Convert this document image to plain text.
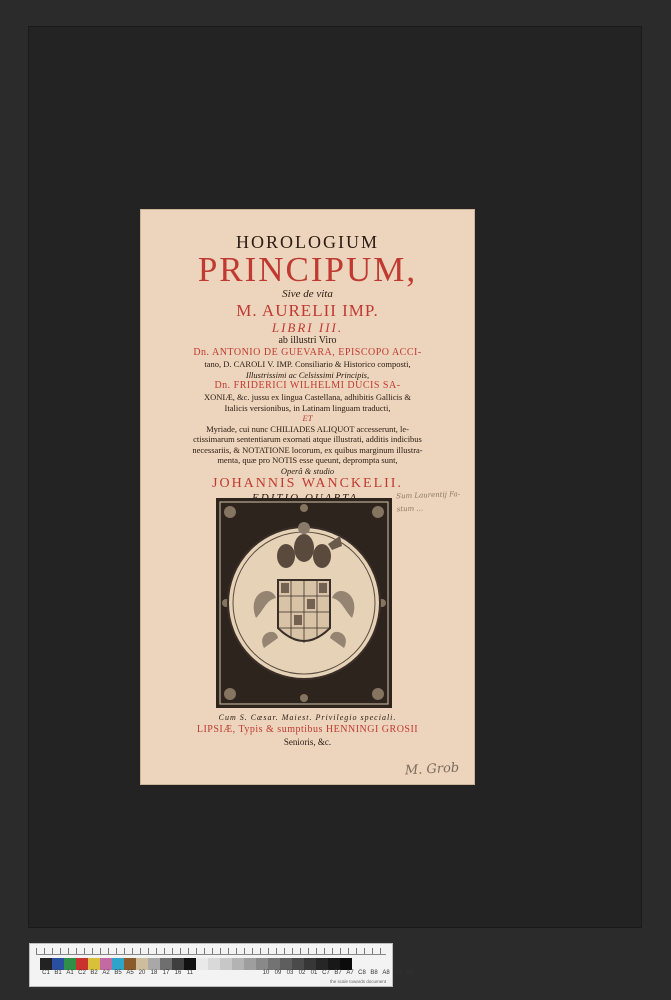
HOROLOGIUM
PRINCIPUM,
Sive de vita
M. AURELII IMP.
LIBRI III.
ab illustri Viro
Dn. ANTONIO DE GUEVARA, EPISCOPO ACCI-
tano, D. CAROLI V. IMP. Consiliario & Historico composti,
Illustrissimi ac Celsissimi Principis,
Dn. FRIDERICI WILHELMI DUCIS SA-
XONIÆ, &c. jussu ex lingua Castellana, adhibitis Gallicis &
Italicis versionibus, in Latinam linguam traducti,
ET
Myriade, cui nunc CHILIADES ALIQUOT accesserunt, le-
ctissimarum sententiarum exornati atque illustrati, additis indicibus
necessariis, & NOTATIONE locorum, ex quibus marginum illustra-
menta, quæ pro NOTIS esse queunt, deprompta sunt,
Operâ & studio
JOHANNIS WANCKELII.
Cum S. Cæsar. Maiest. Privilegio speciali.
LIPSIÆ, Typis & sumptibus HENNINGI GROSII
Senioris, &c.
Sum Laurentij Fa-
stum ...
M. Grob
C1 B1 A1 C2 B2 A2 B5 A5 20 18 17 16 11	10 09 03 02 01 C7 B7 A7 C8 B8 A8 C9 B9
the scale towards document
